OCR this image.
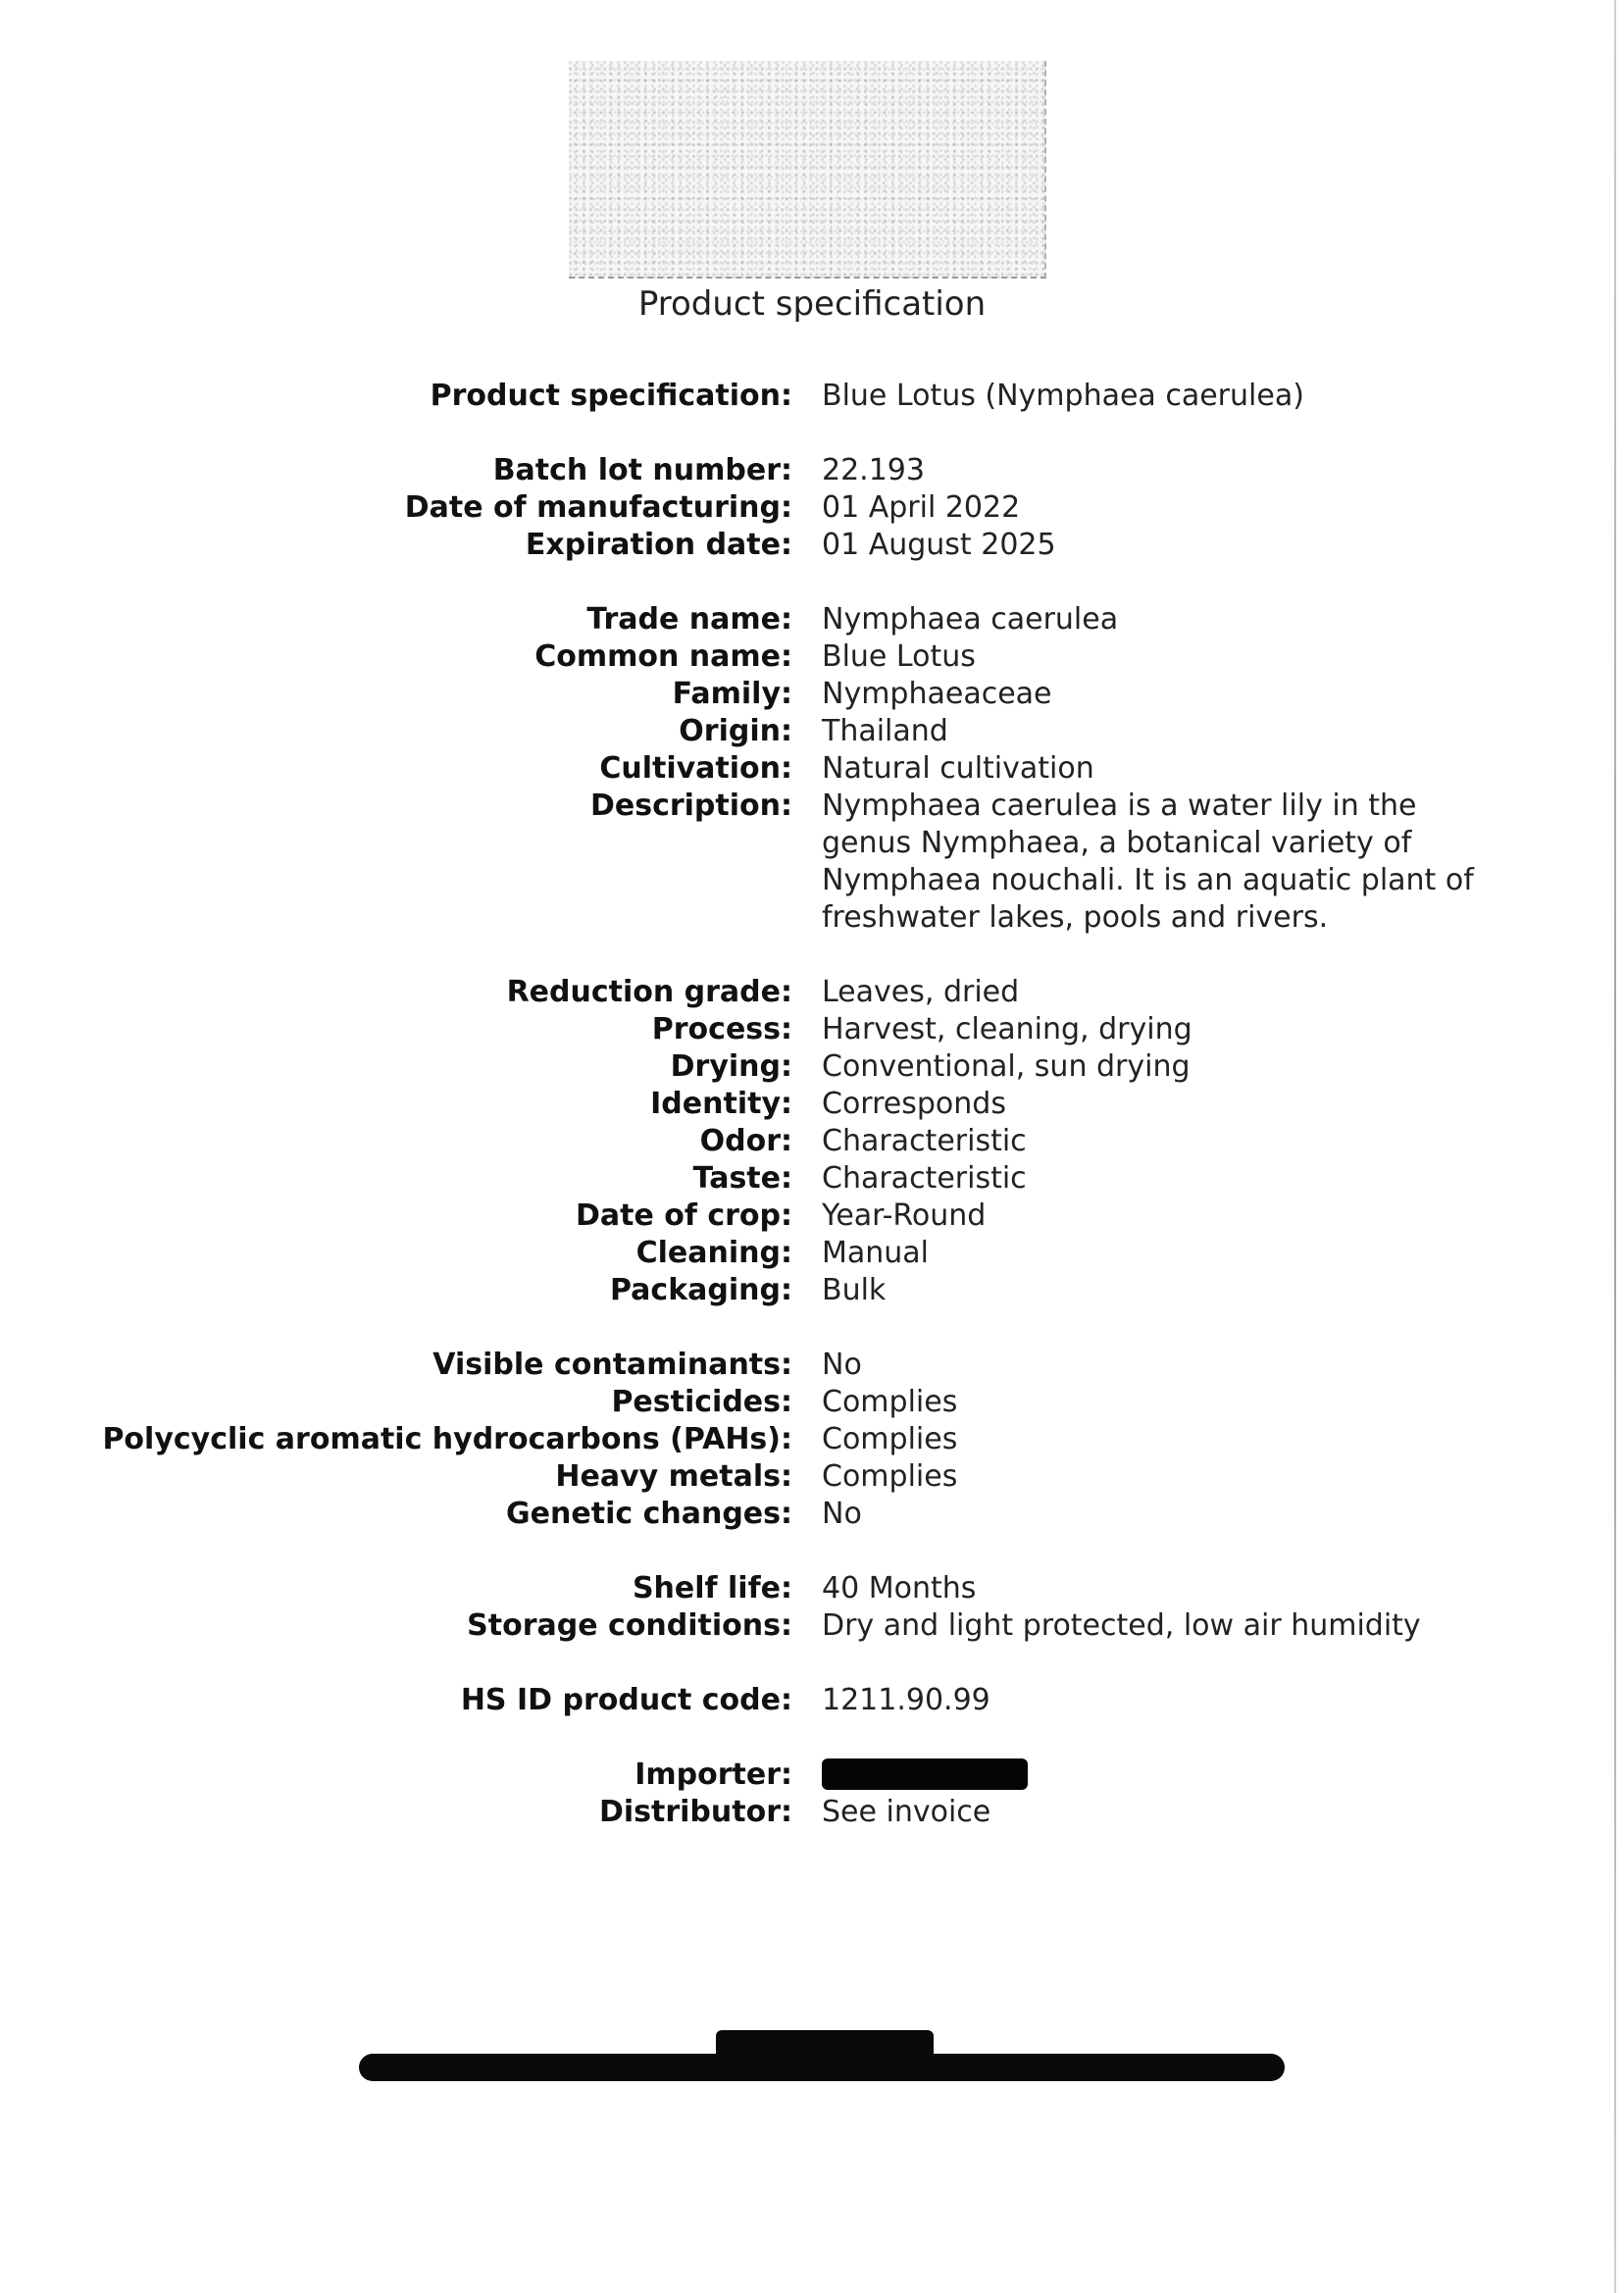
Product specification
Product specification: Blue Lotus (Nymphaea caerulea)
Batch lot number: 22.193
Date of manufacturing: 01 April 2022
Expiration date: 01 August 2025
Trade name: Nymphaea caerulea
Common name: Blue Lotus
Family: Nymphaeaceae
Origin: Thailand
Cultivation: Natural cultivation
Description: Nymphaea caerulea is a water lily in the genus Nymphaea, a botanical variety of Nymphaea nouchali. It is an aquatic plant of freshwater lakes, pools and rivers.
Reduction grade: Leaves, dried
Process: Harvest, cleaning, drying
Drying: Conventional, sun drying
Identity: Corresponds
Odor: Characteristic
Taste: Characteristic
Date of crop: Year-Round
Cleaning: Manual
Packaging: Bulk
Visible contaminants: No
Pesticides: Complies
Polycyclic aromatic hydrocarbons (PAHs): Complies
Heavy metals: Complies
Genetic changes: No
Shelf life: 40 Months
Storage conditions: Dry and light protected, low air humidity
HS ID product code: 1211.90.99
Importer:
Distributor: See invoice
